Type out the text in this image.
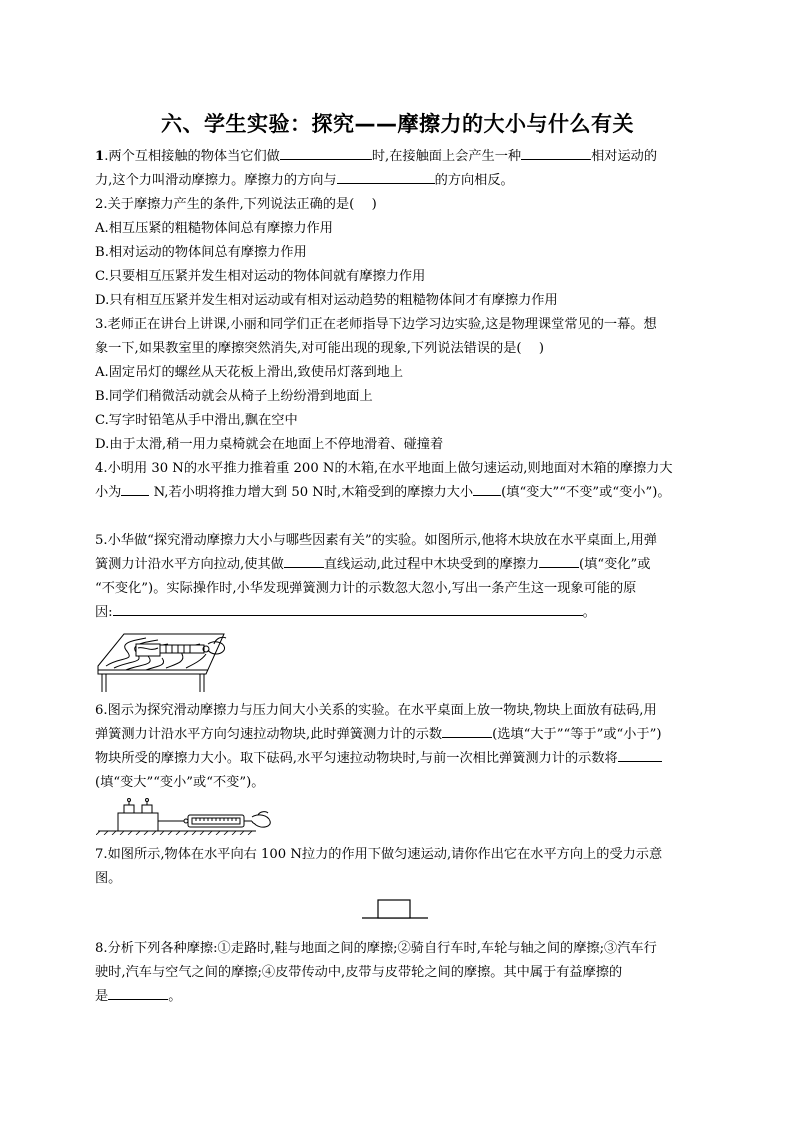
六、学生实验：探究——摩擦力的大小与什么有关
1.两个互相接触的物体当它们做	时,在接触面上会产生一种	相对运动的
力,这个力叫滑动摩擦力。摩擦力的方向与	的方向相反。
2.关于摩擦力产生的条件,下列说法正确的是(　 )
A.相互压紧的粗糙物体间总有摩擦力作用
B.相对运动的物体间总有摩擦力作用
C.只要相互压紧并发生相对运动的物体间就有摩擦力作用
D.只有相互压紧并发生相对运动或有相对运动趋势的粗糙物体间才有摩擦力作用
3.老师正在讲台上讲课,小丽和同学们正在老师指导下边学习边实验,这是物理课堂常见的一幕。想
象一下,如果教室里的摩擦突然消失,对可能出现的现象,下列说法错误的是(　 )
A.固定吊灯的螺丝从天花板上滑出,致使吊灯落到地上
B.同学们稍微活动就会从椅子上纷纷滑到地面上
C.写字时铅笔从手中滑出,飘在空中
D.由于太滑,稍一用力桌椅就会在地面上不停地滑着、碰撞着
4.小明用 30 N的水平推力推着重 200 N的木箱,在水平地面上做匀速运动,则地面对木箱的摩擦力大
小为 N,若小明将推力增大到 50 N时,木箱受到的摩擦力大小 (填“变大”“不变”或“变小”)。
5.小华做“探究滑动摩擦力大小与哪些因素有关”的实验。如图所示,他将木块放在水平桌面上,用弹
簧测力计沿水平方向拉动,使其做	直线运动,此过程中木块受到的摩擦力	(填“变化”或
“不变化”)。实际操作时,小华发现弹簧测力计的示数忽大忽小,写出一条产生这一现象可能的原
因:	。
6.图示为探究滑动摩擦力与压力间大小关系的实验。在水平桌面上放一物块,物块上面放有砝码,用
弹簧测力计沿水平方向匀速拉动物块,此时弹簧测力计的示数	(选填“大于”“等于”或“小于”)
物块所受的摩擦力大小。取下砝码,水平匀速拉动物块时,与前一次相比弹簧测力计的示数将
(填“变大”“变小”或“不变”)。
7.如图所示,物体在水平向右 100 N拉力的作用下做匀速运动,请你作出它在水平方向上的受力示意
图。
8.分析下列各种摩擦:①走路时,鞋与地面之间的摩擦;②骑自行车时,车轮与轴之间的摩擦;③汽车行
驶时,汽车与空气之间的摩擦;④皮带传动中,皮带与皮带轮之间的摩擦。其中属于有益摩擦的
是	。
